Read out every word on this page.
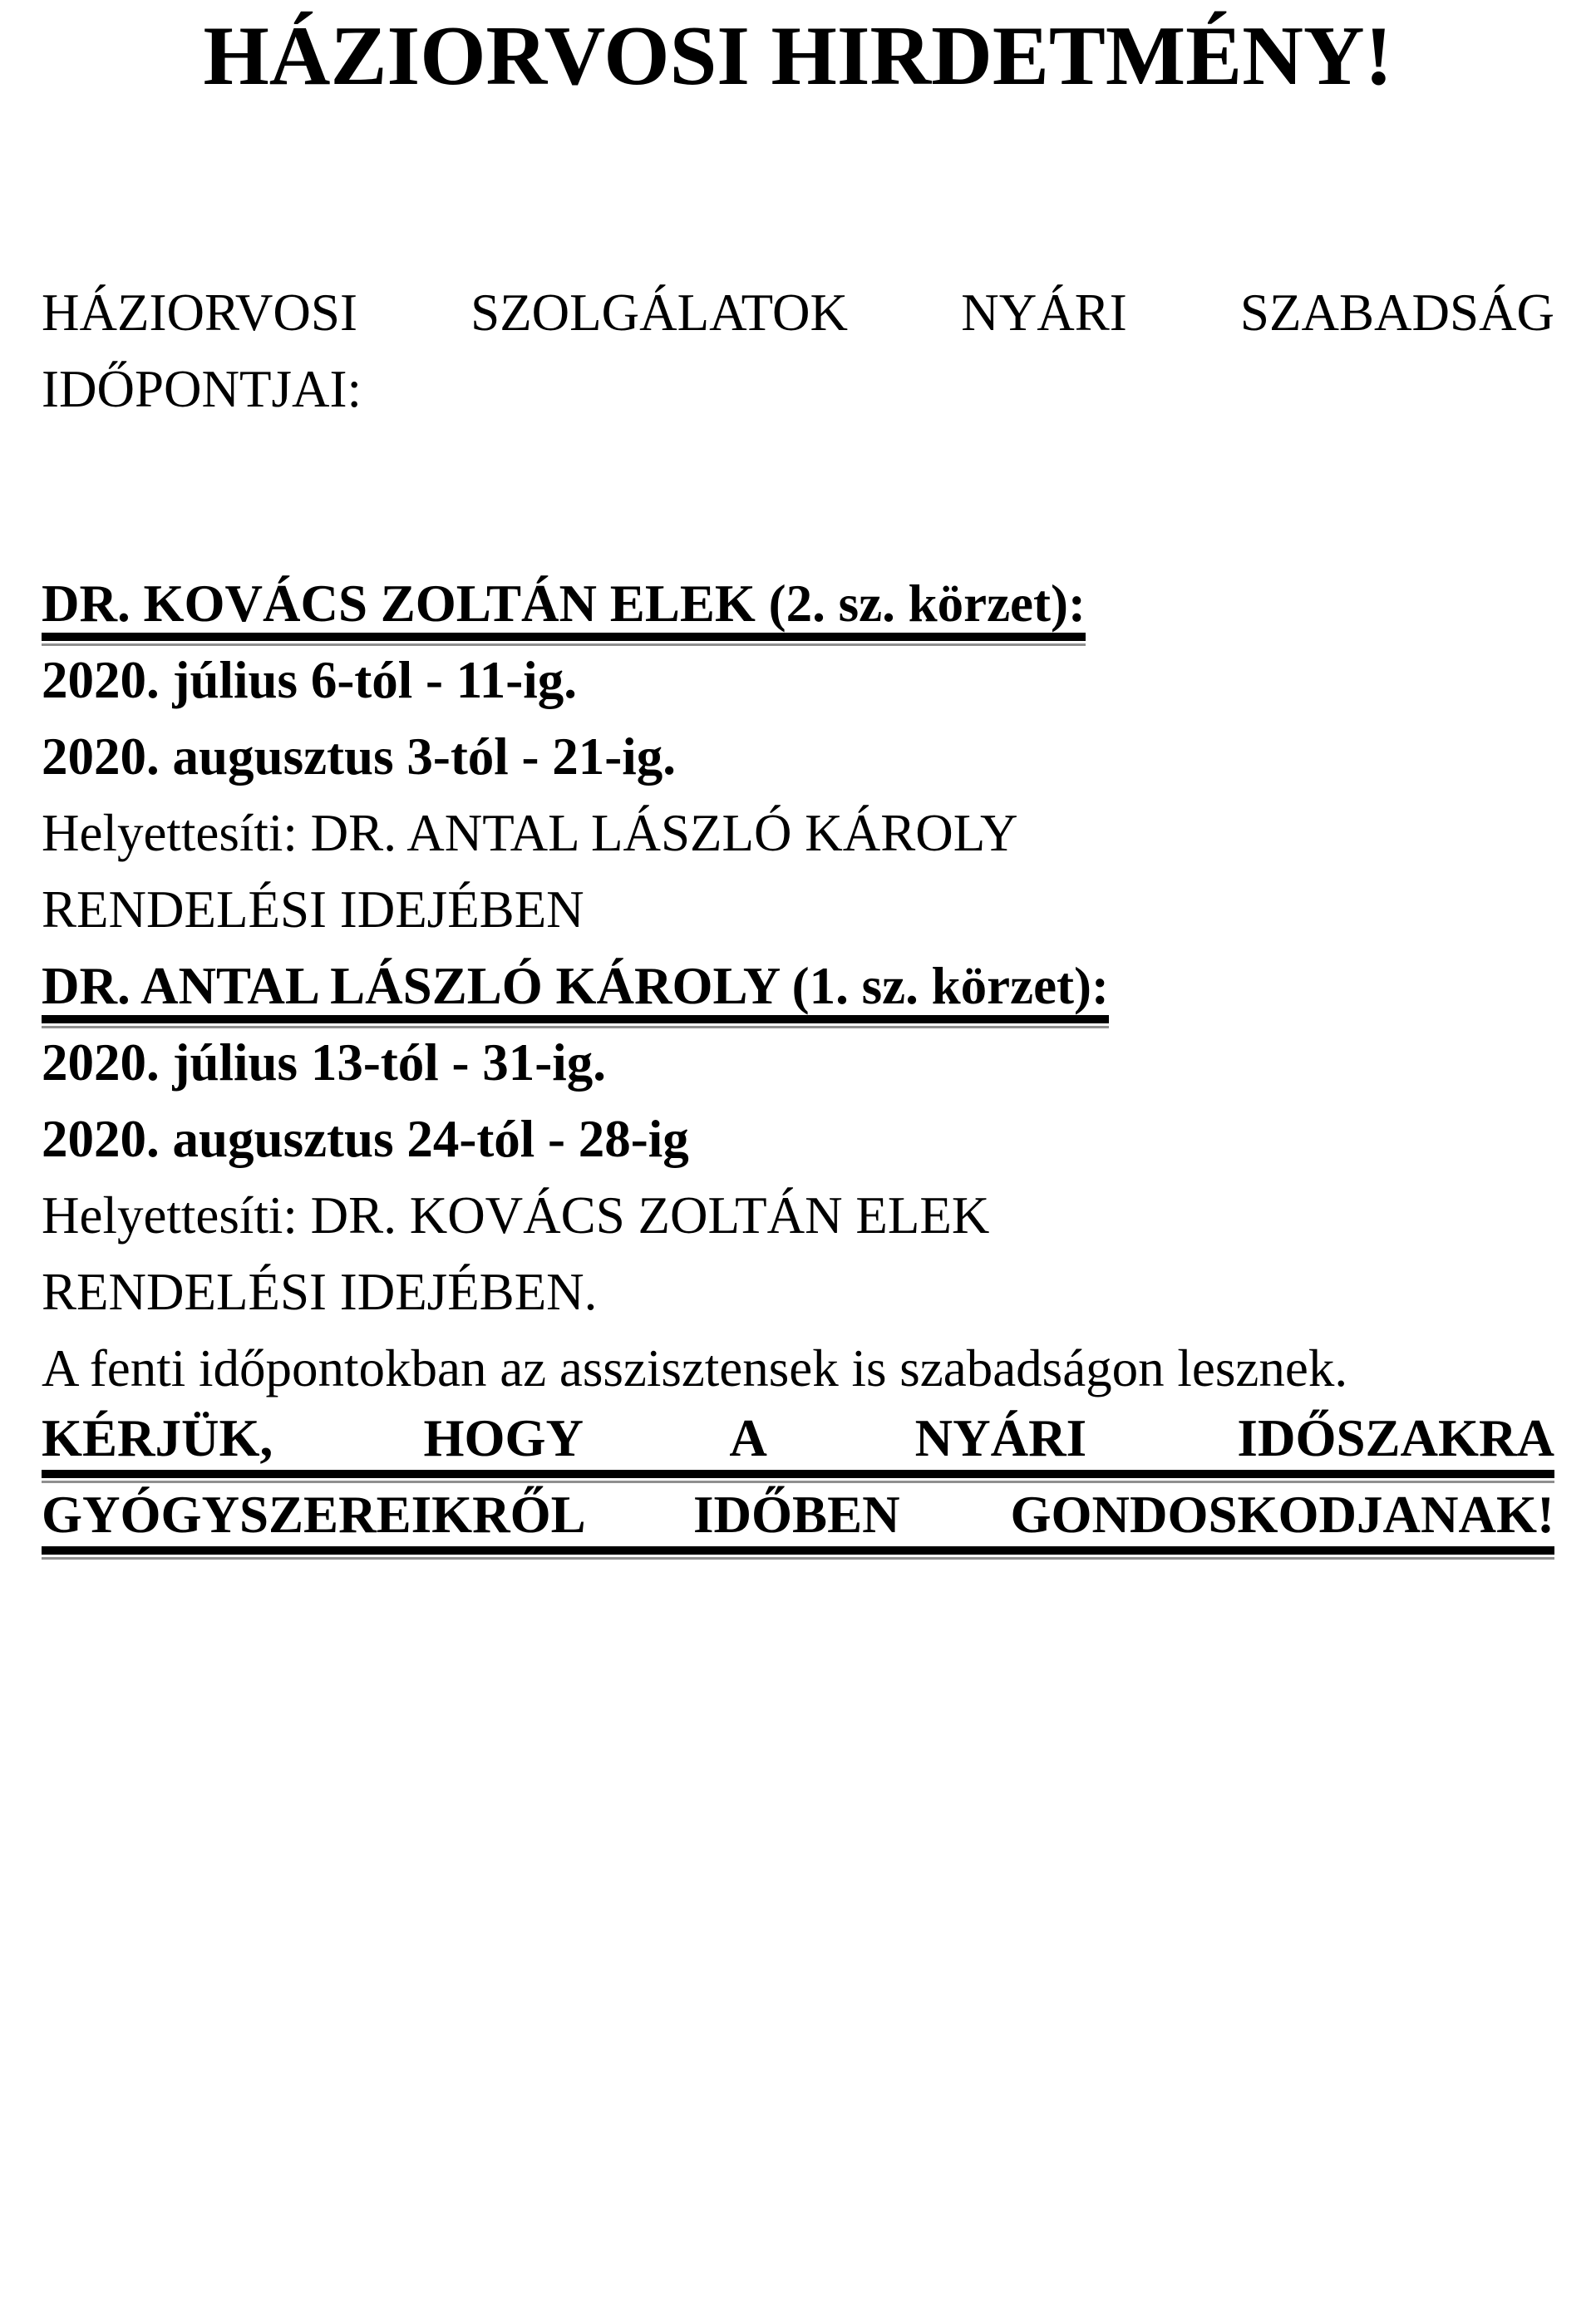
HÁZIORVOSI HIRDETMÉNY!
HÁZIORVOSI SZOLGÁLATOK NYÁRI SZABADSÁG
IDŐPONTJAI:

DR. KOVÁCS ZOLTÁN ELEK (2. sz. körzet):

2020. július 6-tól - 11-ig.

2020. augusztus 3-tól - 21-ig.

Helyettesíti: DR. ANTAL LÁSZLÓ KÁROLY

RENDELÉSI IDEJÉBEN

DR. ANTAL LÁSZLÓ KÁROLY (1. sz. körzet):

2020. július 13-tól - 31-ig.

2020. augusztus 24-tól - 28-ig

Helyettesíti: DR. KOVÁCS ZOLTÁN ELEK

RENDELÉSI IDEJÉBEN.

A fenti időpontokban az asszisztensek is szabadságon lesznek.

KÉRJÜK, HOGY A NYÁRI IDŐSZAKRA
GYÓGYSZEREIKRŐL IDŐBEN GONDOSKODJANAK!
